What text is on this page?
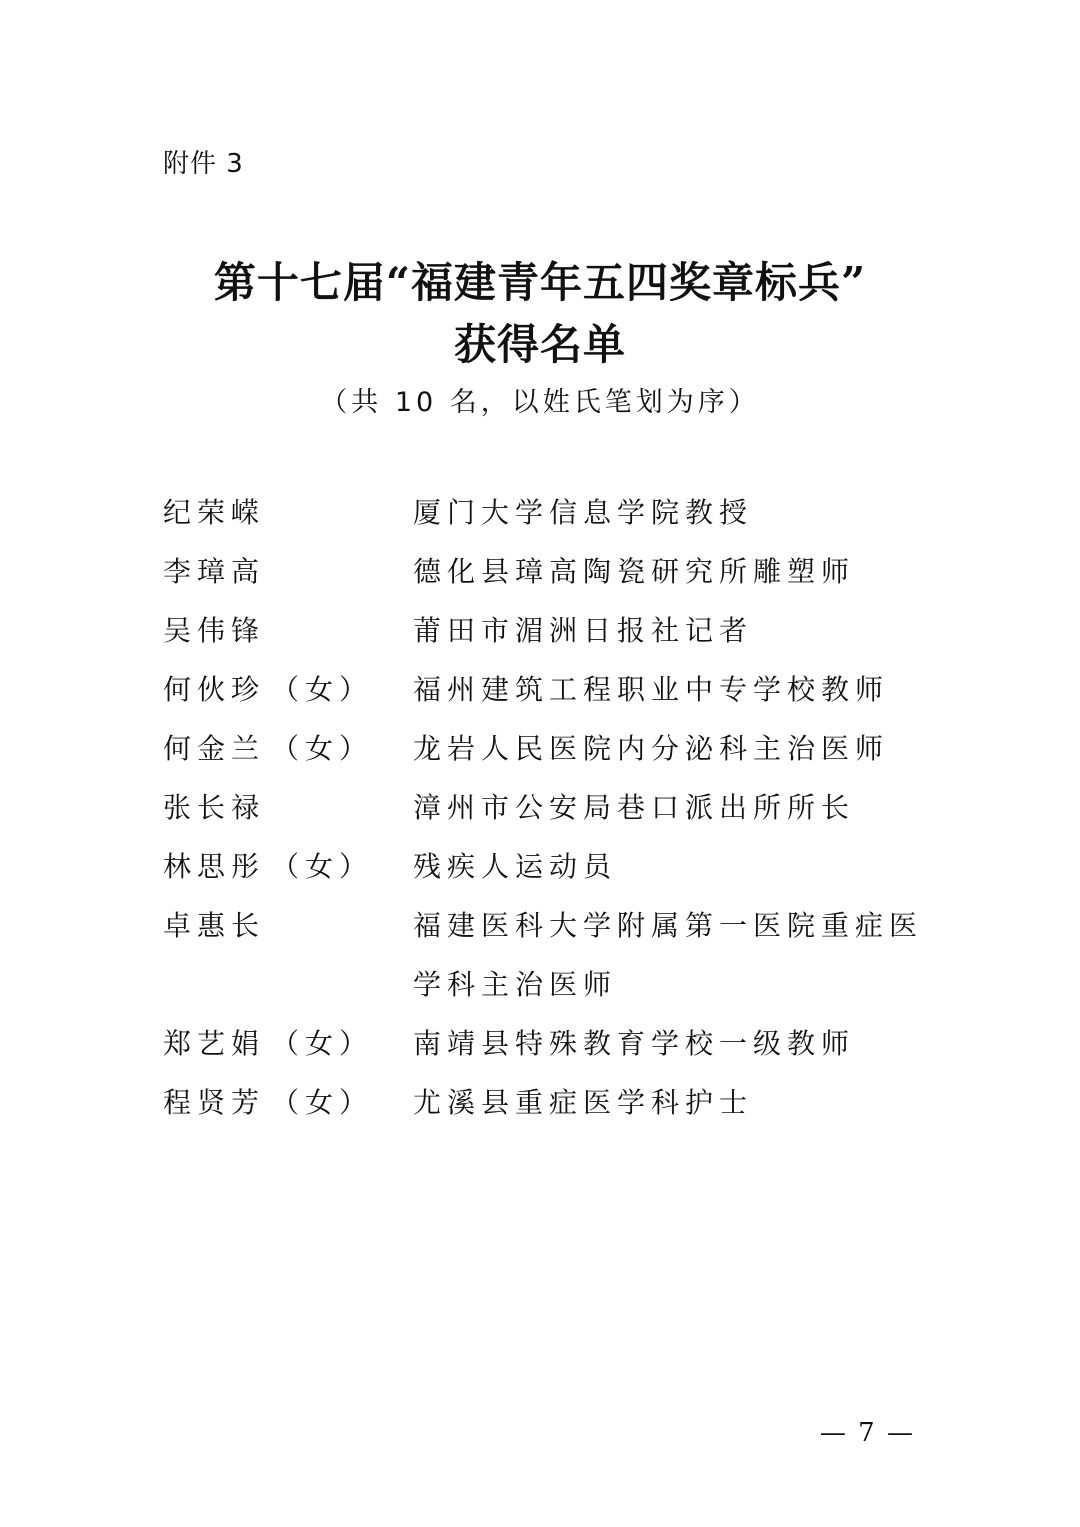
附件 3
第十七届“福建青年五四奖章标兵”
获得名单
（共 10 名，以姓氏笔划为序）
纪荣嵘	厦门大学信息学院教授
李璋高	德化县璋高陶瓷研究所雕塑师
吴伟锋	莆田市湄洲日报社记者
何伙珍 （女）	福州建筑工程职业中专学校教师
何金兰 （女）	龙岩人民医院内分泌科主治医师
张长禄	漳州市公安局巷口派出所所长
林思彤 （女）	残疾人运动员
卓惠长	福建医科大学附属第一医院重症医学科主治医师
郑艺娟 （女）	南靖县特殊教育学校一级教师
程贤芳 （女）	尤溪县重症医学科护士
— 7 —
